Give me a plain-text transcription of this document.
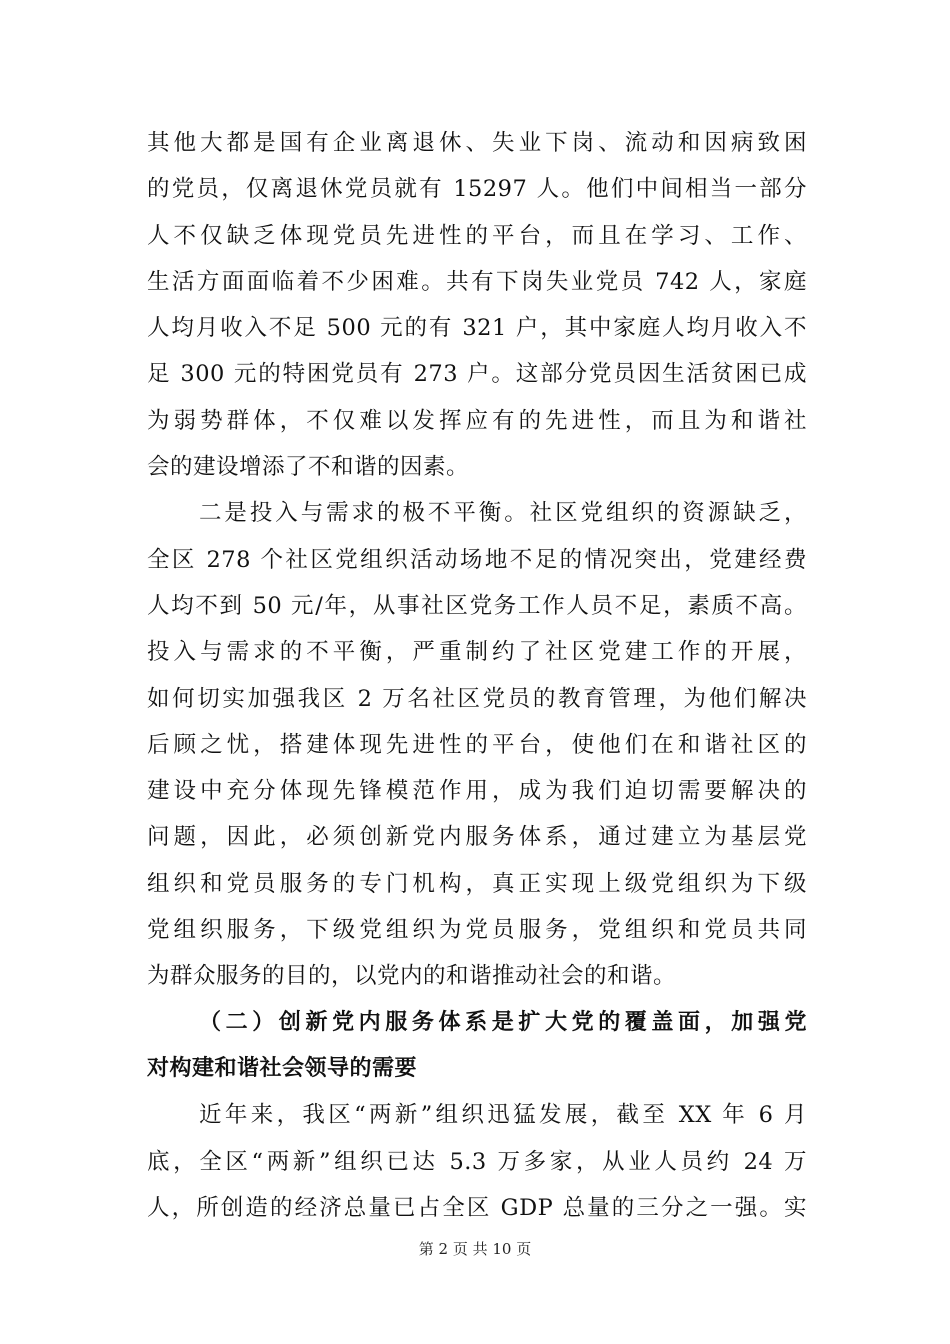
其他大都是国有企业离退休、失业下岗、流动和因病致困
的党员，仅离退休党员就有 15297 人。他们中间相当一部分
人不仅缺乏体现党员先进性的平台，而且在学习、工作、
生活方面面临着不少困难。共有下岗失业党员 742 人，家庭
人均月收入不足 500 元的有 321 户，其中家庭人均月收入不
足 300 元的特困党员有 273 户。这部分党员因生活贫困已成
为弱势群体，不仅难以发挥应有的先进性，而且为和谐社
会的建设增添了不和谐的因素。
二是投入与需求的极不平衡。社区党组织的资源缺乏，
全区 278 个社区党组织活动场地不足的情况突出，党建经费
人均不到 50 元/年，从事社区党务工作人员不足，素质不高。
投入与需求的不平衡，严重制约了社区党建工作的开展，
如何切实加强我区 2 万名社区党员的教育管理，为他们解决
后顾之忧，搭建体现先进性的平台，使他们在和谐社区的
建设中充分体现先锋模范作用，成为我们迫切需要解决的
问题，因此，必须创新党内服务体系，通过建立为基层党
组织和党员服务的专门机构，真正实现上级党组织为下级
党组织服务，下级党组织为党员服务，党组织和党员共同
为群众服务的目的，以党内的和谐推动社会的和谐。
（二）创新党内服务体系是扩大党的覆盖面，加强党
对构建和谐社会领导的需要
近年来，我区“两新”组织迅猛发展，截至 XX 年 6 月
底，全区“两新”组织已达 5.3 万多家，从业人员约 24 万
人，所创造的经济总量已占全区 GDP 总量的三分之一强。实
第 2 页 共 10 页
